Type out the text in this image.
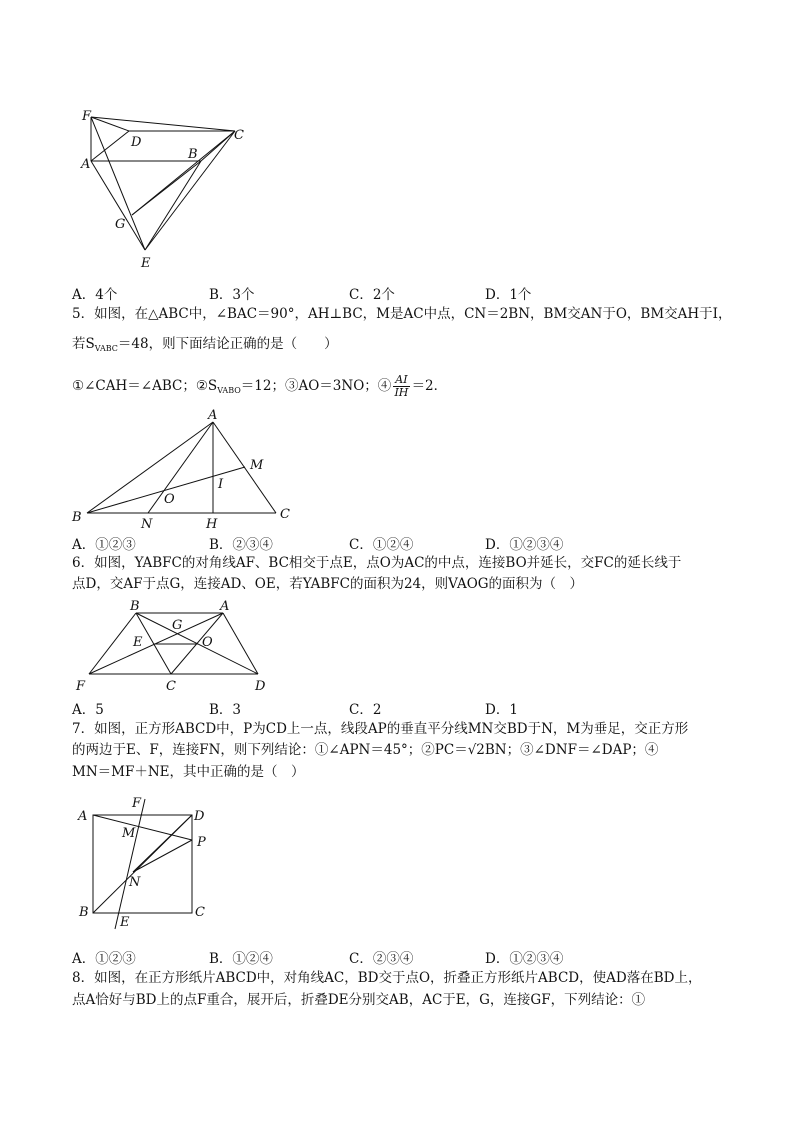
F
D	C
A
B
G
E
A．4个	B．3个	C．2个	D．1个
5．如图，在△ABC中，∠BAC＝90°，AH⊥BC，M是AC中点，CN＝2BN，BM交AN于O，BM交AH于I，
若$S_{VABC}=48$，则下面结论正确的是（　　）
①∠CAH＝∠ABC；$②S_{VABO}=12$；③AO＝3NO；④ $\frac{AI}{IH} =2$．
A
M
I
O
B	N	H
C
A．①②③	B．②③④	C．①②④	D．①②③④
6．如图，YABFC的对角线AF、BC相交于点E，点O为AC的中点，连接BO并延长，交FC的延长线于
点D，交AF于点G，连接AD、OE，若YABFC的面积为24，则VAOG的面积为（　）
B	A
G
E	O
F	C	D
A．5	B．3	C．2	D．1
7．如图，正方形ABCD中，P为CD上一点，线段AP的垂直平分线MN交BD于N，M为垂足，交正方形
的两边于E、F，连接FN，则下列结论：①∠APN＝45°；②PC＝√2BN；③∠DNF＝∠DAP；④
MN＝MF＋NE，其中正确的是（　）
A
F
D
M
P
N
B
E
C
A．①②③	B．①②④	C．②③④	D．①②③④
8．如图，在正方形纸片ABCD中，对角线AC，BD交于点O，折叠正方形纸片ABCD，使AD落在BD上，
点A恰好与BD上的点F重合，展开后，折叠DE分别交AB，AC于E，G，连接GF，下列结论：①
